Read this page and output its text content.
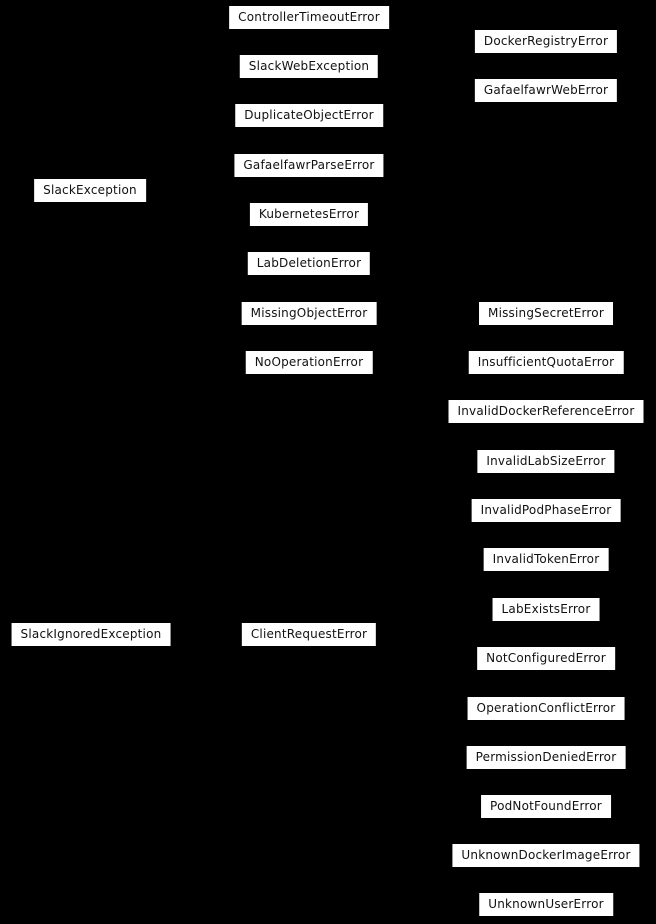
SlackException
SlackIgnoredException
ControllerTimeoutError
SlackWebException
DuplicateObjectError
GafaelfawrParseError
KubernetesError
LabDeletionError
MissingObjectError
NoOperationError
ClientRequestError
DockerRegistryError
GafaelfawrWebError
MissingSecretError
InsufficientQuotaError
InvalidDockerReferenceError
InvalidLabSizeError
InvalidPodPhaseError
InvalidTokenError
LabExistsError
NotConfiguredError
OperationConflictError
PermissionDeniedError
PodNotFoundError
UnknownDockerImageError
UnknownUserError
